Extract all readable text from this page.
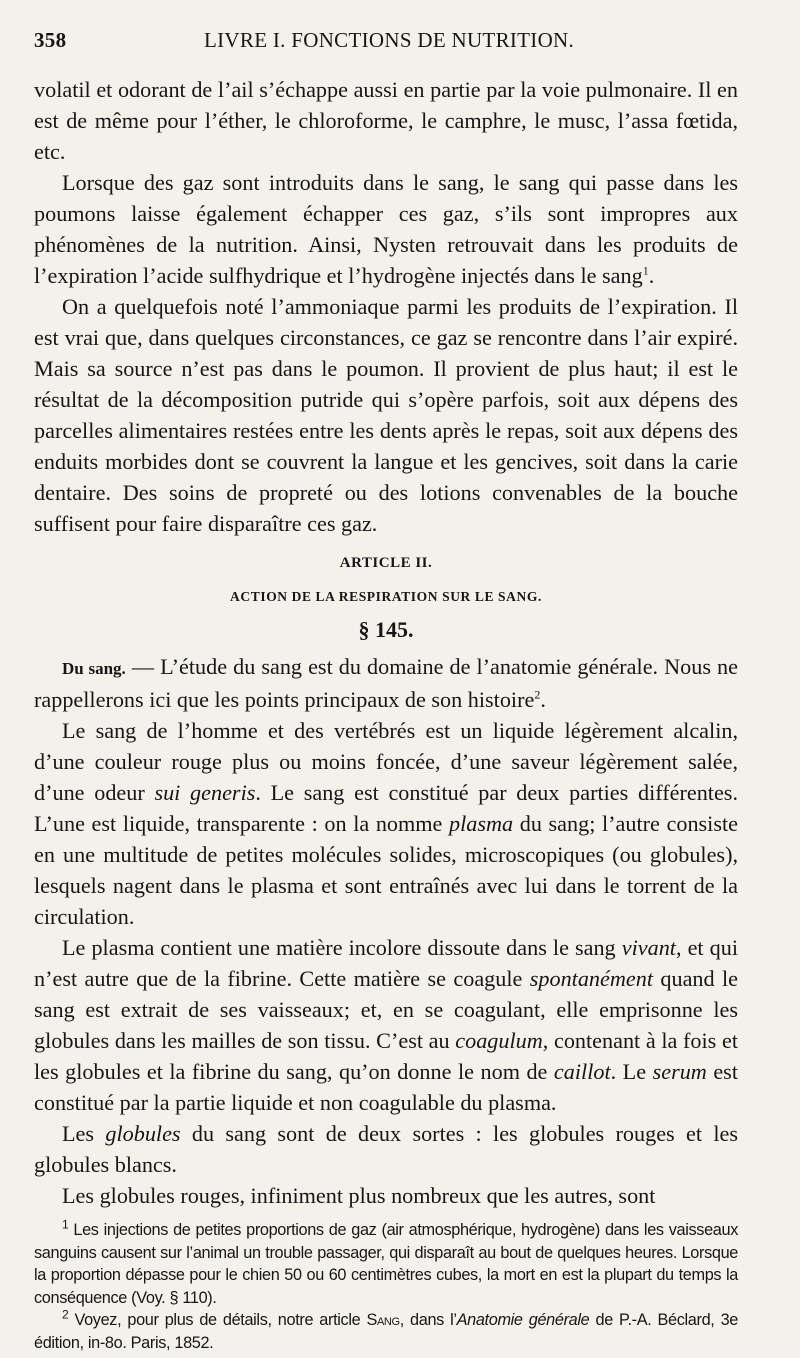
358	LIVRE I. FONCTIONS DE NUTRITION.

volatil et odorant de l’ail s’échappe aussi en partie par la voie pulmonaire. Il en est de même pour l’éther, le chloroforme, le camphre, le musc, l’assa fœtida, etc.

Lorsque des gaz sont introduits dans le sang, le sang qui passe dans les poumons laisse également échapper ces gaz, s’ils sont impropres aux phénomènes de la nutrition. Ainsi, Nysten retrouvait dans les produits de l’expiration l’acide sulfhydrique et l’hydrogène injectés dans le sang$^1$.

On a quelquefois noté l’ammoniaque parmi les produits de l’expiration. Il est vrai que, dans quelques circonstances, ce gaz se rencontre dans l’air expiré. Mais sa source n’est pas dans le poumon. Il provient de plus haut; il est le résultat de la décomposition putride qui s’opère parfois, soit aux dépens des parcelles alimentaires restées entre les dents après le repas, soit aux dépens des enduits morbides dont se couvrent la langue et les gencives, soit dans la carie dentaire. Des soins de propreté ou des lotions convenables de la bouche suffisent pour faire disparaître ces gaz.

ARTICLE II.
ACTION DE LA RESPIRATION SUR LE SANG.
§ 145.

Du sang. — L’étude du sang est du domaine de l’anatomie générale. Nous ne rappellerons ici que les points principaux de son histoire$^2$.

Le sang de l’homme et des vertébrés est un liquide légèrement alcalin, d’une couleur rouge plus ou moins foncée, d’une saveur légèrement salée, d’une odeur sui generis. Le sang est constitué par deux parties différentes. L’une est liquide, transparente : on la nomme plasma du sang; l’autre consiste en une multitude de petites molécules solides, microscopiques (ou globules), lesquels nagent dans le plasma et sont entraînés avec lui dans le torrent de la circulation.

Le plasma contient une matière incolore dissoute dans le sang vivant, et qui n’est autre que de la fibrine. Cette matière se coagule spontanément quand le sang est extrait de ses vaisseaux; et, en se coagulant, elle emprisonne les globules dans les mailles de son tissu. C’est au coagulum, contenant à la fois et les globules et la fibrine du sang, qu’on donne le nom de caillot. Le serum est constitué par la partie liquide et non coagulable du plasma.

Les globules du sang sont de deux sortes : les globules rouges et les globules blancs.

Les globules rouges, infiniment plus nombreux que les autres, sont

$^1$ Les injections de petites proportions de gaz (air atmosphérique, hydrogène) dans les vaisseaux sanguins causent sur l’animal un trouble passager, qui disparaît au bout de quelques heures. Lorsque la proportion dépasse pour le chien 50 ou 60 centimètres cubes, la mort en est la plupart du temps la conséquence (Voy. § 110).

$^2$ Voyez, pour plus de détails, notre article Sang, dans l’Anatomie générale de P.-A. Béclard, 3e édition, in-8o. Paris, 1852.
